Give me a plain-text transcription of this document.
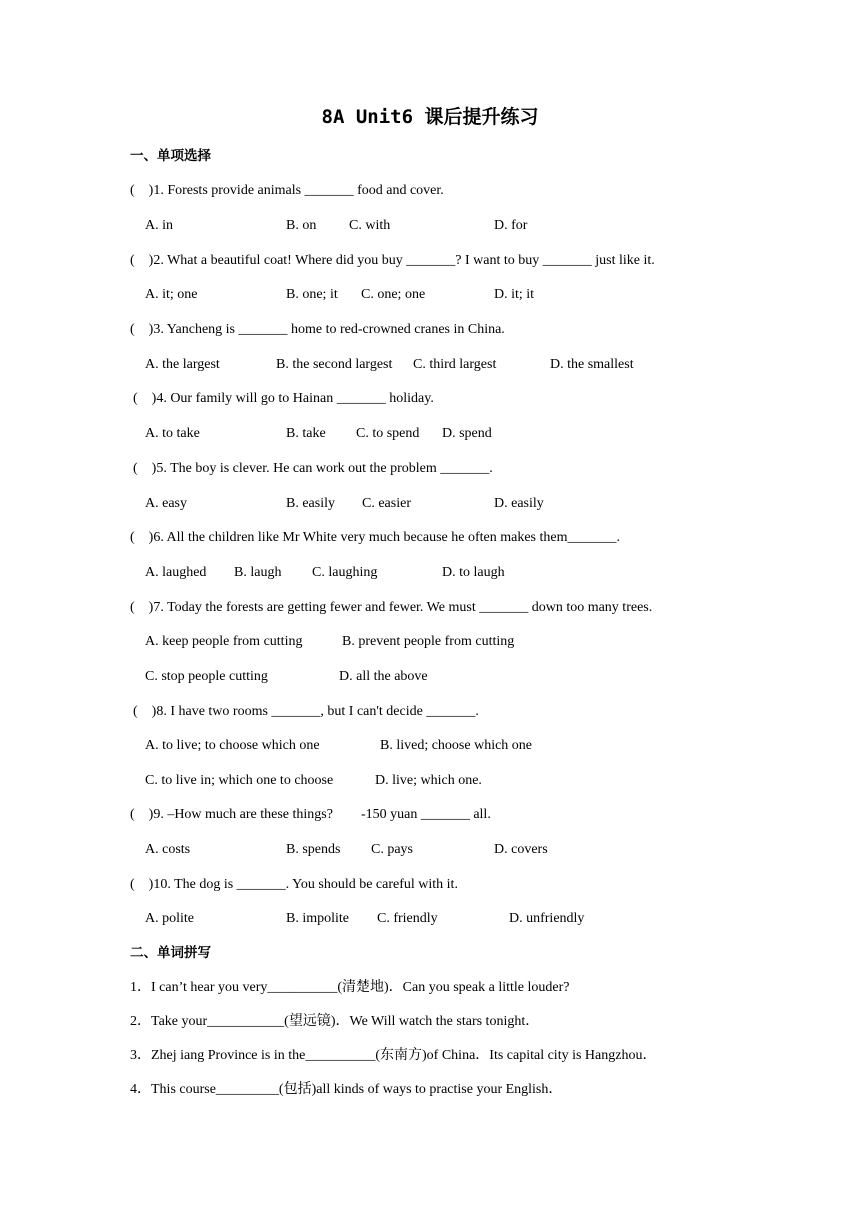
8A Unit6 课后提升练习
一、单项选择
(    )1. Forests provide animals _______ food and cover.
A. in	B. on C. with	D. for
(    )2. What a beautiful coat! Where did you buy _______? I want to buy _______ just like it.
A. it; one	B. one; it C. one; one	D. it; it
(    )3. Yancheng is _______ home to red-crowned cranes in China.
A. the largest	B. the second largest C. third largest	D. the smallest
(    )4. Our family will go to Hainan _______ holiday.
A. to take	B. take C. to spend D. spend
(    )5. The boy is clever. He can work out the problem _______.
A. easy	B. easily C. easier	D. easily
(    )6. All the children like Mr White very much because he often makes them_______.
A. laughed B. laugh C. laughing	D. to laugh
(    )7. Today the forests are getting fewer and fewer. We must _______ down too many trees.
A. keep people from cutting	B. prevent people from cutting
C. stop people cutting	D. all the above
(    )8. I have two rooms _______, but I can't decide _______.
A. to live; to choose which one	B. lived; choose which one
C. to live in; which one to choose	D. live; which one.
(    )9. –How much are these things?        -150 yuan _______ all.
A. costs	B. spends C. pays	D. covers
(    )10. The dog is _______. You should be careful with it.
A. polite	B. impolite C. friendly	D. unfriendly
二、单词拼写
1．I can’t hear you very__________(清楚地)．Can you speak a little louder?
2．Take your___________(望远镜)．We Will watch the stars tonight．
3．Zhej iang Province is in the__________(东南方)of China．Its capital city is Hangzhou．
4．This course_________(包括)all kinds of ways to practise your English．
